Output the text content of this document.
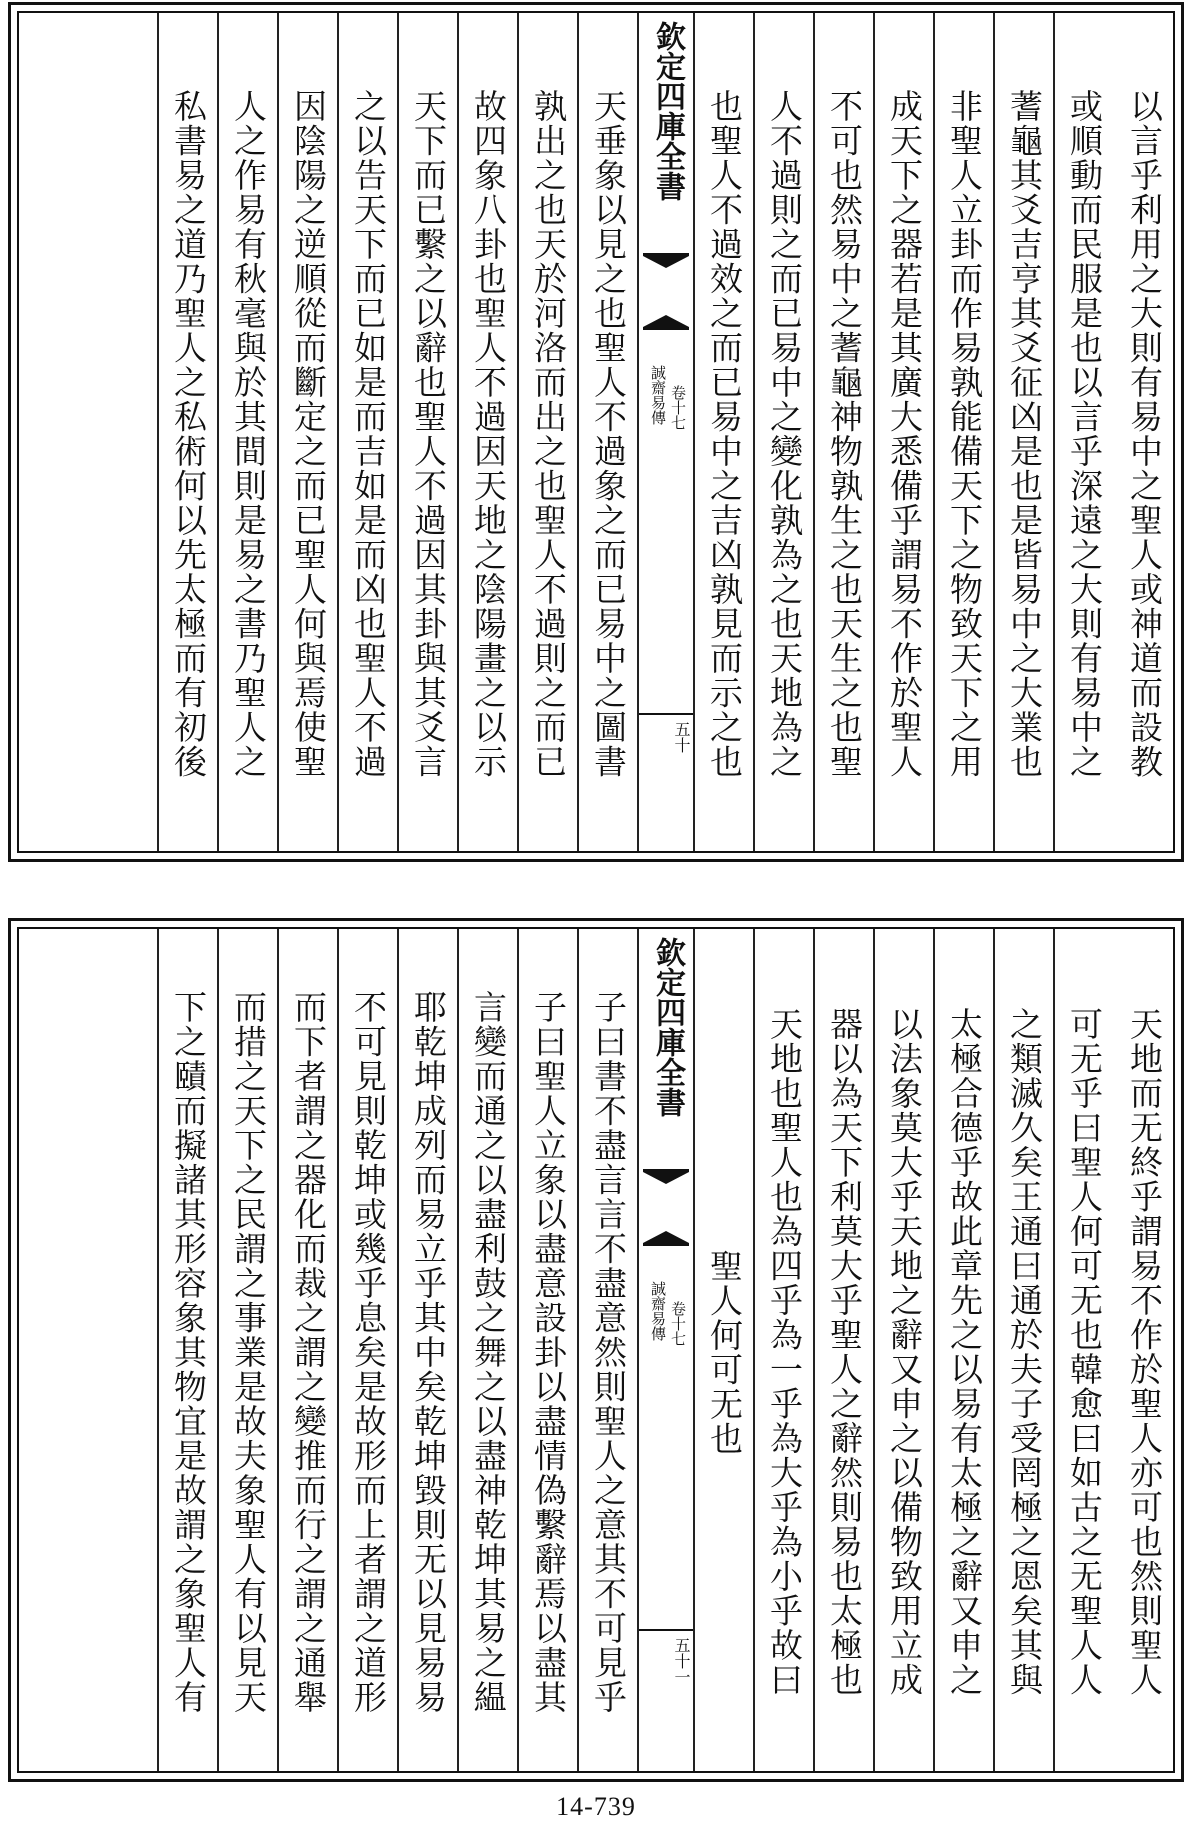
以言乎利用之大則有易中之聖人或神道而設教
或順動而民服是也以言乎深遠之大則有易中之
蓍龜其爻吉亨其爻征凶是也是皆易中之大業也
非聖人立卦而作易孰能備天下之物致天下之用
成天下之器若是其廣大悉備乎謂易不作於聖人
不可也然易中之蓍龜神物孰生之也天生之也聖
人不過則之而已易中之變化孰為之也天地為之
也聖人不過效之而已易中之吉凶孰見而示之也
欽定四庫全書
誠齋易傳 卷十七
五十
天垂象以見之也聖人不過象之而已易中之圖書
孰出之也天於河洛而出之也聖人不過則之而已
故四象八卦也聖人不過因天地之陰陽畫之以示
天下而已繫之以辭也聖人不過因其卦與其爻言
之以告天下而已如是而吉如是而凶也聖人不過
因陰陽之逆順從而斷定之而已聖人何與焉使聖
人之作易有秋毫與於其間則是易之書乃聖人之
私書易之道乃聖人之私術何以先太極而有初後
天地而无終乎謂易不作於聖人亦可也然則聖人
可无乎曰聖人何可无也韓愈曰如古之无聖人人
之類滅久矣王通曰通於夫子受罔極之恩矣其與
太極合德乎故此章先之以易有太極之辭又申之
以法象莫大乎天地之辭又申之以備物致用立成
器以為天下利莫大乎聖人之辭然則易也太極也
天地也聖人也為四乎為一乎為大乎為小乎故曰
聖人何可无也
欽定四庫全書
誠齋易傳 卷十七
五十一
子曰書不盡言言不盡意然則聖人之意其不可見乎
子曰聖人立象以盡意設卦以盡情偽繫辭焉以盡其
言變而通之以盡利鼓之舞之以盡神乾坤其易之緼
耶乾坤成列而易立乎其中矣乾坤毀則无以見易易
不可見則乾坤或幾乎息矣是故形而上者謂之道形
而下者謂之器化而裁之謂之變推而行之謂之通舉
而措之天下之民謂之事業是故夫象聖人有以見天
下之賾而擬諸其形容象其物宜是故謂之象聖人有
14-739
